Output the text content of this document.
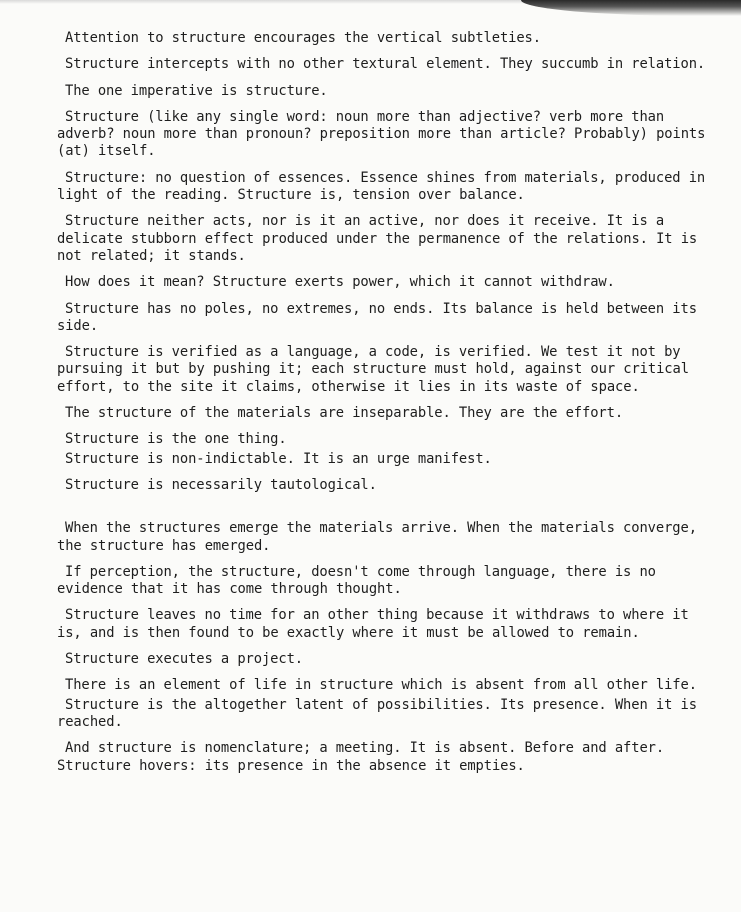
Attention to structure encourages the vertical subtleties.

Structure intercepts with no other textural element. They succumb in relation.

The one imperative is structure.

Structure (like any single word: noun more than adjective? verb more than adverb? noun more than pronoun? preposition more than article? Probably) points (at) itself.

Structure: no question of essences. Essence shines from materials, produced in light of the reading. Structure is, tension over balance.

Structure neither acts, nor is it an active, nor does it receive. It is a delicate stubborn effect produced under the permanence of the relations. It is not related; it stands.

How does it mean? Structure exerts power, which it cannot withdraw.

Structure has no poles, no extremes, no ends. Its balance is held between its side.

Structure is verified as a language, a code, is verified. We test it not by pursuing it but by pushing it; each structure must hold, against our critical effort, to the site it claims, otherwise it lies in its waste of space.

The structure of the materials are inseparable. They are the effort.

Structure is the one thing.

Structure is non-indictable. It is an urge manifest.

Structure is necessarily tautological.

When the structures emerge the materials arrive. When the materials converge, the structure has emerged.

If perception, the structure, doesn't come through language, there is no evidence that it has come through thought.

Structure leaves no time for an other thing because it withdraws to where it is, and is then found to be exactly where it must be allowed to remain.

Structure executes a project.

There is an element of life in structure which is absent from all other life.

Structure is the altogether latent of possibilities. Its presence. When it is reached.

And structure is nomenclature; a meeting. It is absent. Before and after. Structure hovers: its presence in the absence it empties.
